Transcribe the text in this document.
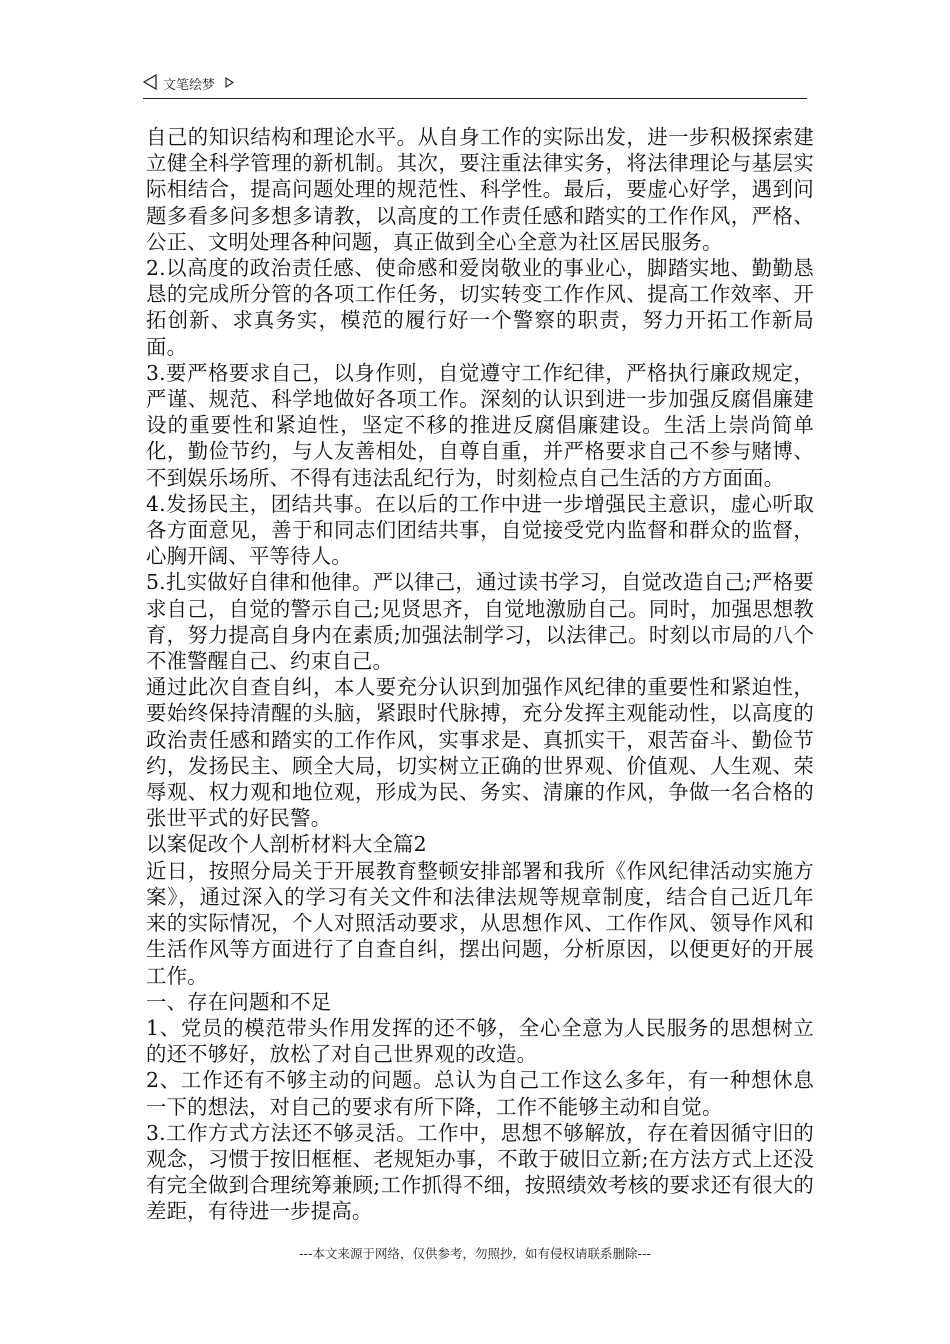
文笔绘梦

自己的知识结构和理论水平。从自身工作的实际出发，进一步积极探索建立健全科学管理的新机制。其次，要注重法律实务，将法律理论与基层实际相结合，提高问题处理的规范性、科学性。最后，要虚心好学，遇到问题多看多问多想多请教，以高度的工作责任感和踏实的工作作风，严格、公正、文明处理各种问题，真正做到全心全意为社区居民服务。

2.以高度的政治责任感、使命感和爱岗敬业的事业心，脚踏实地、勤勤恳恳的完成所分管的各项工作任务，切实转变工作作风、提高工作效率、开拓创新、求真务实，模范的履行好一个警察的职责，努力开拓工作新局面。

3.要严格要求自己，以身作则，自觉遵守工作纪律，严格执行廉政规定，严谨、规范、科学地做好各项工作。深刻的认识到进一步加强反腐倡廉建设的重要性和紧迫性，坚定不移的推进反腐倡廉建设。生活上崇尚简单化，勤俭节约，与人友善相处，自尊自重，并严格要求自己不参与赌博、不到娱乐场所、不得有违法乱纪行为，时刻检点自己生活的方方面面。

4.发扬民主，团结共事。在以后的工作中进一步增强民主意识，虚心听取各方面意见，善于和同志们团结共事，自觉接受党内监督和群众的监督，心胸开阔、平等待人。

5.扎实做好自律和他律。严以律己，通过读书学习，自觉改造自己;严格要求自己，自觉的警示自己;见贤思齐，自觉地激励自己。同时，加强思想教育，努力提高自身内在素质;加强法制学习，以法律己。时刻以市局的八个不准警醒自己、约束自己。

通过此次自查自纠，本人要充分认识到加强作风纪律的重要性和紧迫性，要始终保持清醒的头脑，紧跟时代脉搏，充分发挥主观能动性，以高度的政治责任感和踏实的工作作风，实事求是、真抓实干，艰苦奋斗、勤俭节约，发扬民主、顾全大局，切实树立正确的世界观、价值观、人生观、荣辱观、权力观和地位观，形成为民、务实、清廉的作风，争做一名合格的张世平式的好民警。

以案促改个人剖析材料大全篇2

近日，按照分局关于开展教育整顿安排部署和我所《作风纪律活动实施方案》，通过深入的学习有关文件和法律法规等规章制度，结合自己近几年来的实际情况，个人对照活动要求，从思想作风、工作作风、领导作风和生活作风等方面进行了自查自纠，摆出问题，分析原因，以便更好的开展工作。

一、存在问题和不足

1、党员的模范带头作用发挥的还不够，全心全意为人民服务的思想树立的还不够好，放松了对自己世界观的改造。

2、工作还有不够主动的问题。总认为自己工作这么多年，有一种想休息一下的想法，对自己的要求有所下降，工作不能够主动和自觉。

3.工作方式方法还不够灵活。工作中，思想不够解放，存在着因循守旧的观念，习惯于按旧框框、老规矩办事，不敢于破旧立新;在方法方式上还没有完全做到合理统筹兼顾;工作抓得不细，按照绩效考核的要求还有很大的差距，有待进一步提高。

---本文来源于网络，仅供参考，勿照抄，如有侵权请联系删除---
